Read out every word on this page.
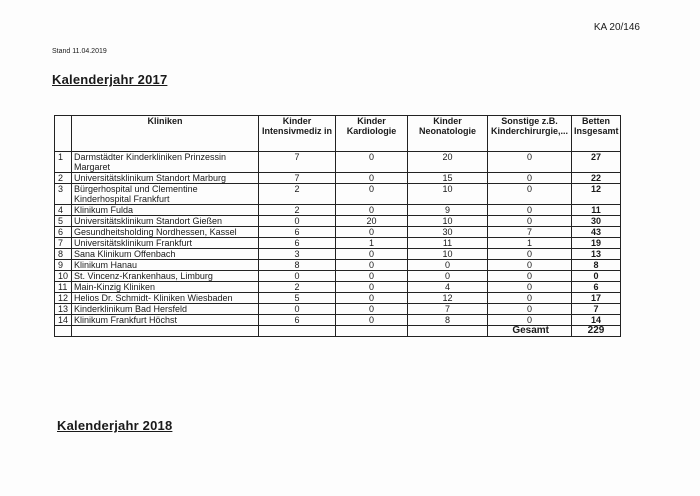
KA 20/146
Stand 11.04.2019
Kalenderjahr 2017
	Kliniken	Kinder Intensivmediz in	Kinder Kardiologie	Kinder Neonatologie	Sonstige z.B. Kinderchirurgie,...	Betten Insgesamt
1	Darmstädter Kinderkliniken Prinzessin Margaret	7	0	20	0	27
2	Universitätsklinikum Standort Marburg	7	0	15	0	22
3	Bürgerhospital und Clementine Kinderhospital Frankfurt	2	0	10	0	12
4	Klinikum Fulda	2	0	9	0	11
5	Universitätsklinikum Standort Gießen	0	20	10	0	30
6	Gesundheitsholding Nordhessen, Kassel	6	0	30	7	43
7	Universitätsklinikum Frankfurt	6	1	11	1	19
8	Sana Klinikum Offenbach	3	0	10	0	13
9	Klinikum Hanau	8	0	0	0	8
10	St. Vincenz-Krankenhaus, Limburg	0	0	0	0	0
11	Main-Kinzig Kliniken	2	0	4	0	6
12	Helios Dr. Schmidt- Kliniken Wiesbaden	5	0	12	0	17
13	Kinderklinikum Bad Hersfeld	0	0	7	0	7
14	Klinikum Frankfurt Höchst	6	0	8	0	14
					Gesamt	229
Kalenderjahr 2018
